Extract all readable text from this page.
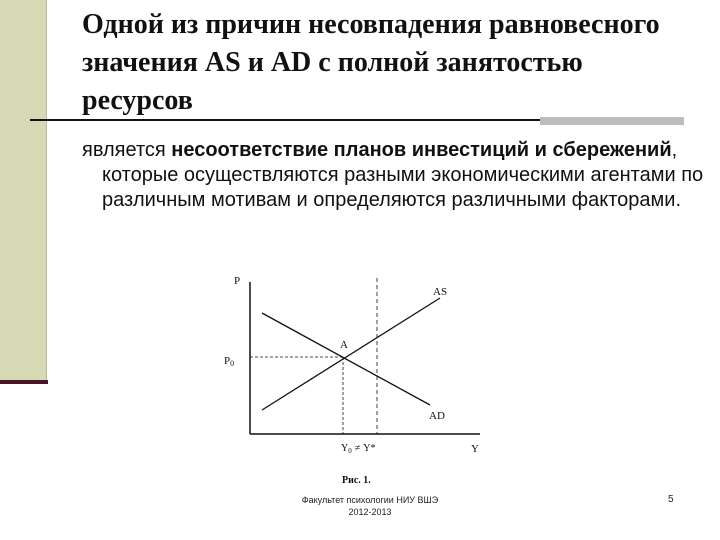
Одной из причин несовпадения равновесного значения AS и AD с полной занятостью ресурсов
является несоответствие планов инвестиций и сбережений, которые осуществляются разными экономическими агентами по различным мотивам и определяются различными факторами.
P
AS
A
P0
AD
Y
$Y_0 \ne Y*$
Рис. 1.
Факультет психологии НИУ ВШЭ
2012-2013
5
